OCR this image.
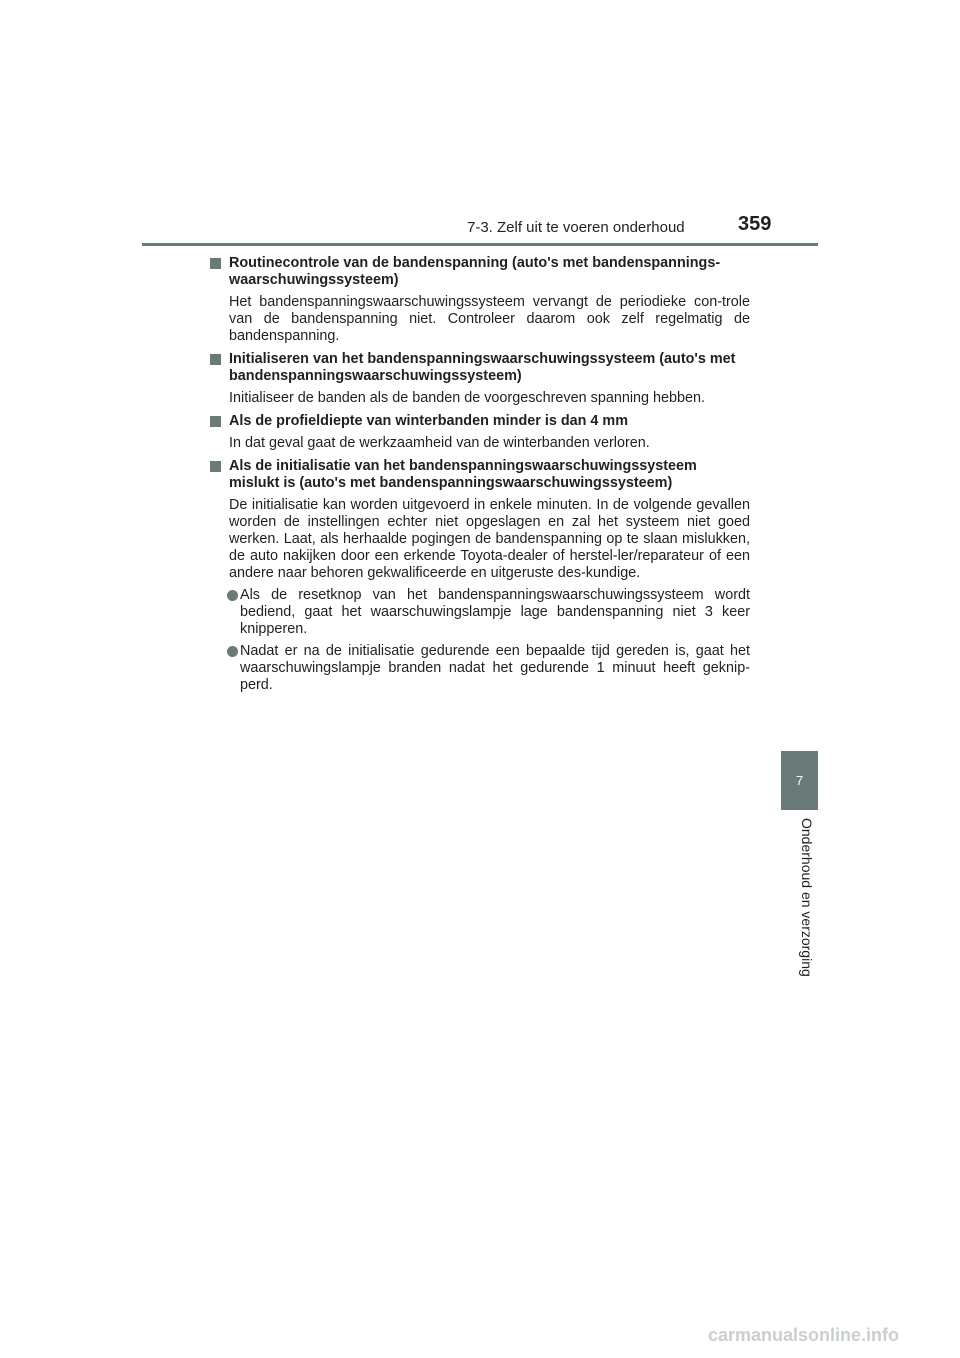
7-3. Zelf uit te voeren onderhoud	359
7
Onderhoud en verzorging
Routinecontrole van de bandenspanning (auto's met bandenspannings-waarschuwingssysteem)
Het bandenspanningswaarschuwingssysteem vervangt de periodieke con-trole van de bandenspanning niet. Controleer daarom ook zelf regelmatig de bandenspanning.
Initialiseren van het bandenspanningswaarschuwingssysteem (auto's met bandenspanningswaarschuwingssysteem)
Initialiseer de banden als de banden de voorgeschreven spanning hebben.
Als de profieldiepte van winterbanden minder is dan 4 mm
In dat geval gaat de werkzaamheid van de winterbanden verloren.
Als de initialisatie van het bandenspanningswaarschuwingssysteem mislukt is (auto's met bandenspanningswaarschuwingssysteem)
De initialisatie kan worden uitgevoerd in enkele minuten. In de volgende gevallen worden de instellingen echter niet opgeslagen en zal het systeem niet goed werken. Laat, als herhaalde pogingen de bandenspanning op te slaan mislukken, de auto nakijken door een erkende Toyota-dealer of herstel-ler/reparateur of een andere naar behoren gekwalificeerde en uitgeruste des-kundige.
Als de resetknop van het bandenspanningswaarschuwingssysteem wordt bediend, gaat het waarschuwingslampje lage bandenspanning niet 3 keer knipperen.
Nadat er na de initialisatie gedurende een bepaalde tijd gereden is, gaat het waarschuwingslampje branden nadat het gedurende 1 minuut heeft geknip-perd.
carmanualsonline.info
